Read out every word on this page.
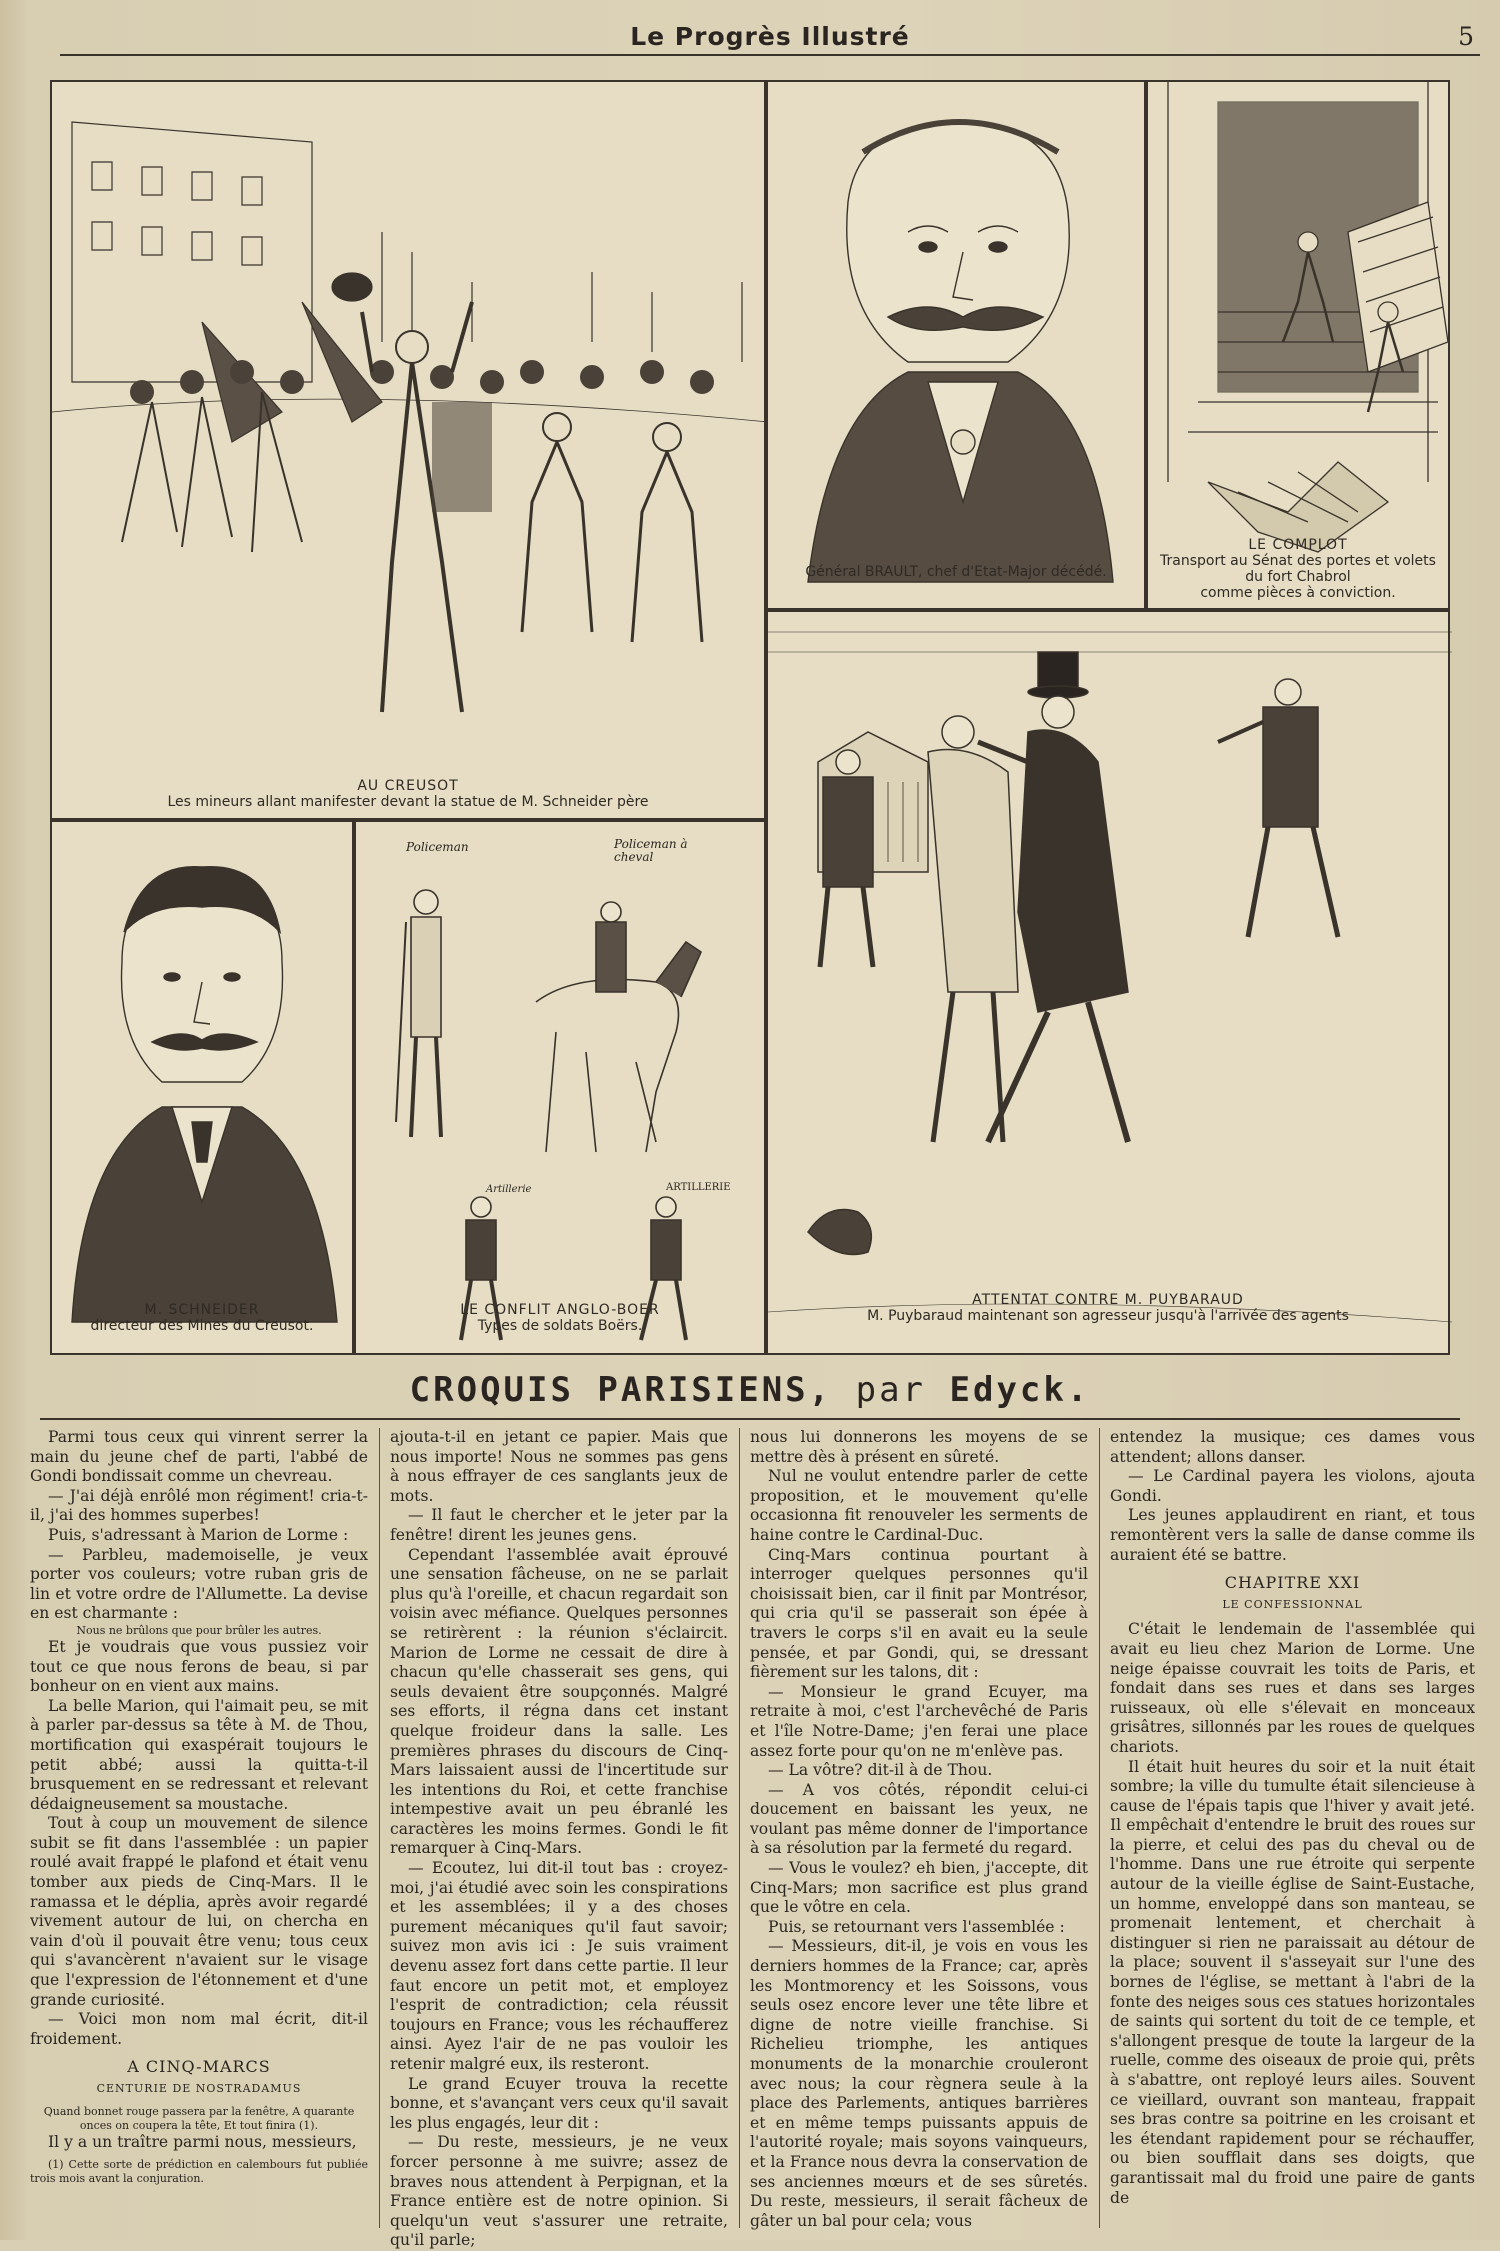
Le Progrès Illustré	5
AU CREUSOT
Les mineurs allant manifester devant la statue de M. Schneider père
Général BRAULT, chef d'Etat-Major décédé.
LE COMPLOT
Transport au Sénat des portes et volets
du fort Chabrol
comme pièces à conviction.
M. SCHNEIDER
directeur des Mines du Creusot.
Policeman	Policeman à cheval
Artillerie	ARTILLERIE
LE CONFLIT ANGLO-BOER
Types de soldats Boërs.
ATTENTAT CONTRE M. PUYBARAUD
M. Puybaraud maintenant son agresseur jusqu'à l'arrivée des agents
CROQUIS PARISIENS, par Edyck.

Parmi tous ceux qui vinrent serrer la main du jeune chef de parti, l'abbé de Gondi bondissait comme un chevreau.

— J'ai déjà enrôlé mon régiment! cria-t-il, j'ai des hommes superbes!

Puis, s'adressant à Marion de Lorme :

— Parbleu, mademoiselle, je veux porter vos couleurs; votre ruban gris de lin et votre ordre de l'Allumette. La devise en est charmante :

Nous ne brûlons que pour brûler les autres.

Et je voudrais que vous pussiez voir tout ce que nous ferons de beau, si par bonheur on en vient aux mains.

La belle Marion, qui l'aimait peu, se mit à parler par-dessus sa tête à M. de Thou, mortification qui exaspérait toujours le petit abbé; aussi la quitta-t-il brusquement en se redressant et relevant dédaigneusement sa moustache.

Tout à coup un mouvement de silence subit se fit dans l'assemblée : un papier roulé avait frappé le plafond et était venu tomber aux pieds de Cinq-Mars. Il le ramassa et le déplia, après avoir regardé vivement autour de lui, on chercha en vain d'où il pouvait être venu; tous ceux qui s'avancèrent n'avaient sur le visage que l'expression de l'étonnement et d'une grande curiosité.

— Voici mon nom mal écrit, dit-il froidement.

A CINQ-MARCS

CENTURIE DE NOSTRADAMUS

Quand bonnet rouge passera par la fenêtre, A quarante onces on coupera la tête, Et tout finira (1).

Il y a un traître parmi nous, messieurs,

(1) Cette sorte de prédiction en calembours fut publiée trois mois avant la conjuration.

ajouta-t-il en jetant ce papier. Mais que nous importe! Nous ne sommes pas gens à nous effrayer de ces sanglants jeux de mots.

— Il faut le chercher et le jeter par la fenêtre! dirent les jeunes gens.

Cependant l'assemblée avait éprouvé une sensation fâcheuse, on ne se parlait plus qu'à l'oreille, et chacun regardait son voisin avec méfiance. Quelques personnes se retirèrent : la réunion s'éclaircit. Marion de Lorme ne cessait de dire à chacun qu'elle chasserait ses gens, qui seuls devaient être soupçonnés. Malgré ses efforts, il régna dans cet instant quelque froideur dans la salle. Les premières phrases du discours de Cinq-Mars laissaient aussi de l'incertitude sur les intentions du Roi, et cette franchise intempestive avait un peu ébranlé les caractères les moins fermes. Gondi le fit remarquer à Cinq-Mars.

— Ecoutez, lui dit-il tout bas : croyez-moi, j'ai étudié avec soin les conspirations et les assemblées; il y a des choses purement mécaniques qu'il faut savoir; suivez mon avis ici : Je suis vraiment devenu assez fort dans cette partie. Il leur faut encore un petit mot, et employez l'esprit de contradiction; cela réussit toujours en France; vous les réchaufferez ainsi. Ayez l'air de ne pas vouloir les retenir malgré eux, ils resteront.

Le grand Ecuyer trouva la recette bonne, et s'avançant vers ceux qu'il savait les plus engagés, leur dit :

— Du reste, messieurs, je ne veux forcer personne à me suivre; assez de braves nous attendent à Perpignan, et la France entière est de notre opinion. Si quelqu'un veut s'assurer une retraite, qu'il parle;

nous lui donnerons les moyens de se mettre dès à présent en sûreté.

Nul ne voulut entendre parler de cette proposition, et le mouvement qu'elle occasionna fit renouveler les serments de haine contre le Cardinal-Duc.

Cinq-Mars continua pourtant à interroger quelques personnes qu'il choisissait bien, car il finit par Montrésor, qui cria qu'il se passerait son épée à travers le corps s'il en avait eu la seule pensée, et par Gondi, qui, se dressant fièrement sur les talons, dit :

— Monsieur le grand Ecuyer, ma retraite à moi, c'est l'archevêché de Paris et l'île Notre-Dame; j'en ferai une place assez forte pour qu'on ne m'enlève pas.

— La vôtre? dit-il à de Thou.

— A vos côtés, répondit celui-ci doucement en baissant les yeux, ne voulant pas même donner de l'importance à sa résolution par la fermeté du regard.

— Vous le voulez? eh bien, j'accepte, dit Cinq-Mars; mon sacrifice est plus grand que le vôtre en cela.

Puis, se retournant vers l'assemblée :

— Messieurs, dit-il, je vois en vous les derniers hommes de la France; car, après les Montmorency et les Soissons, vous seuls osez encore lever une tête libre et digne de notre vieille franchise. Si Richelieu triomphe, les antiques monuments de la monarchie crouleront avec nous; la cour règnera seule à la place des Parlements, antiques barrières et en même temps puissants appuis de l'autorité royale; mais soyons vainqueurs, et la France nous devra la conservation de ses anciennes mœurs et de ses sûretés. Du reste, messieurs, il serait fâcheux de gâter un bal pour cela; vous

entendez la musique; ces dames vous attendent; allons danser.

— Le Cardinal payera les violons, ajouta Gondi.

Les jeunes applaudirent en riant, et tous remontèrent vers la salle de danse comme ils auraient été se battre.

CHAPITRE XXI

LE CONFESSIONNAL

C'était le lendemain de l'assemblée qui avait eu lieu chez Marion de Lorme. Une neige épaisse couvrait les toits de Paris, et fondait dans ses rues et dans ses larges ruisseaux, où elle s'élevait en monceaux grisâtres, sillonnés par les roues de quelques chariots.

Il était huit heures du soir et la nuit était sombre; la ville du tumulte était silencieuse à cause de l'épais tapis que l'hiver y avait jeté. Il empêchait d'entendre le bruit des roues sur la pierre, et celui des pas du cheval ou de l'homme. Dans une rue étroite qui serpente autour de la vieille église de Saint-Eustache, un homme, enveloppé dans son manteau, se promenait lentement, et cherchait à distinguer si rien ne paraissait au détour de la place; souvent il s'asseyait sur l'une des bornes de l'église, se mettant à l'abri de la fonte des neiges sous ces statues horizontales de saints qui sortent du toit de ce temple, et s'allongent presque de toute la largeur de la ruelle, comme des oiseaux de proie qui, prêts à s'abattre, ont reployé leurs ailes. Souvent ce vieillard, ouvrant son manteau, frappait ses bras contre sa poitrine en les croisant et les étendant rapidement pour se réchauffer, ou bien soufflait dans ses doigts, que garantissait mal du froid une paire de gants de
